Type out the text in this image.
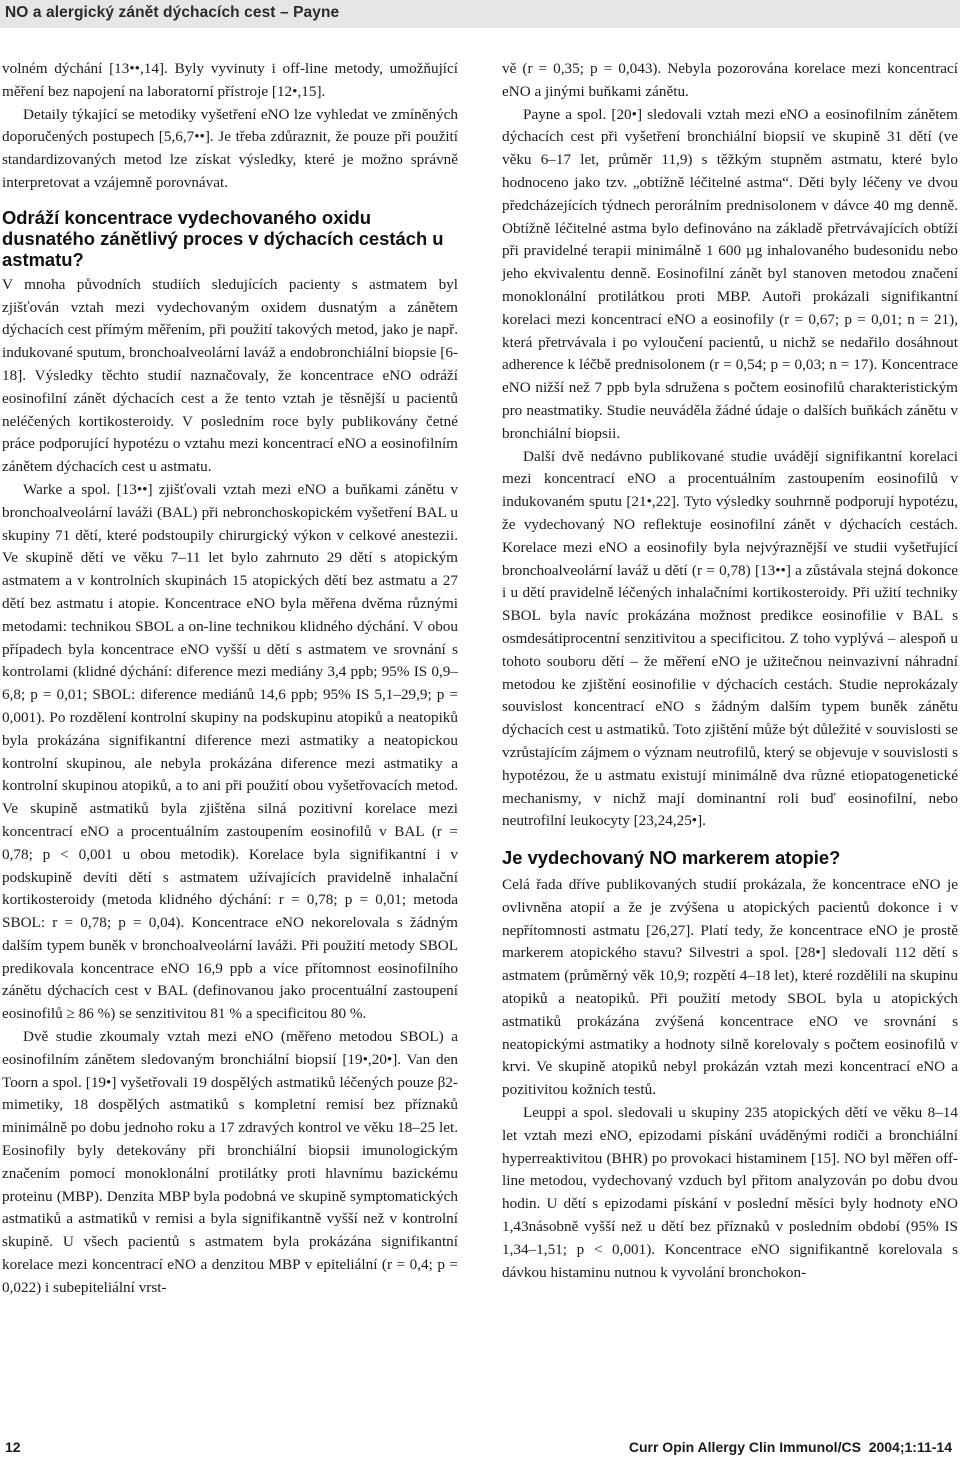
NO a alergický zánět dýchacích cest – Payne

volném dýchání [13••,14]. Byly vyvinuty i off-line metody, umožňující měření bez napojení na laboratorní přístroje [12•,15].

Detaily týkající se metodiky vyšetření eNO lze vyhledat ve zmíněných doporučených postupech [5,6,7••]. Je třeba zdůraznit, že pouze při použití standardizovaných metod lze získat výsledky, které je možno správně interpretovat a vzájemně porovnávat.

Odráží koncentrace vydechovaného oxidu dusnatého zánětlivý proces v dýchacích cestách u astmatu?

V mnoha původních studiích sledujících pacienty s astmatem byl zjišťován vztah mezi vydechovaným oxidem dusnatým a zánětem dýchacích cest přímým měřením, při použití takových metod, jako je např. indukované sputum, bronchoalveolární laváž a endobronchiální biopsie [6-18]. Výsledky těchto studií naznačovaly, že koncentrace eNO odráží eosinofilní zánět dýchacích cest a že tento vztah je těsnější u pacientů neléčených kortikosteroidy. V posledním roce byly publikovány četné práce podporující hypotézu o vztahu mezi koncentrací eNO a eosinofilním zánětem dýchacích cest u astmatu.

Warke a spol. [13••] zjišťovali vztah mezi eNO a buňkami zánětu v bronchoalveolární laváži (BAL) při nebronchoskopickém vyšetření BAL u skupiny 71 dětí, které podstoupily chirurgický výkon v celkové anestezii. Ve skupině dětí ve věku 7–11 let bylo zahrnuto 29 dětí s atopickým astmatem a v kontrolních skupinách 15 atopických dětí bez astmatu a 27 dětí bez astmatu i atopie. Koncentrace eNO byla měřena dvěma různými metodami: technikou SBOL a on-line technikou klidného dýchání. V obou případech byla koncentrace eNO vyšší u dětí s astmatem ve srovnání s kontrolami (klidné dýchání: diference mezi mediány 3,4 ppb; 95% IS 0,9–6,8; p = 0,01; SBOL: diference mediánů 14,6 ppb; 95% IS 5,1–29,9; p = 0,001). Po rozdělení kontrolní skupiny na podskupinu atopiků a neatopiků byla prokázána signifikantní diference mezi astmatiky a neatopickou kontrolní skupinou, ale nebyla prokázána diference mezi astmatiky a kontrolní skupinou atopiků, a to ani při použití obou vyšetřovacích metod. Ve skupině astmatiků byla zjištěna silná pozitivní korelace mezi koncentrací eNO a procentuálním zastoupením eosinofilů v BAL (r = 0,78; p < 0,001 u obou metodik). Korelace byla signifikantní i v podskupině devíti dětí s astmatem užívajících pravidelně inhalační kortikosteroidy (metoda klidného dýchání: r = 0,78; p = 0,01; metoda SBOL: r = 0,78; p = 0,04). Koncentrace eNO nekorelovala s žádným dalším typem buněk v bronchoalveolární laváži. Při použití metody SBOL predikovala koncentrace eNO 16,9 ppb a více přítomnost eosinofilního zánětu dýchacích cest v BAL (definovanou jako procentuální zastoupení eosinofilů ≥ 86 %) se senzitivitou 81 % a specificitou 80 %.

Dvě studie zkoumaly vztah mezi eNO (měřeno metodou SBOL) a eosinofilním zánětem sledovaným bronchiální biopsií [19•,20•]. Van den Toorn a spol. [19•] vyšetřovali 19 dospělých astmatiků léčených pouze β2-mimetiky, 18 dospělých astmatiků s kompletní remisí bez příznaků minimálně po dobu jednoho roku a 17 zdravých kontrol ve věku 18–25 let. Eosinofily byly detekovány při bronchiální biopsii imunologickým značením pomocí monoklonální protilátky proti hlavnímu bazickému proteinu (MBP). Denzita MBP byla podobná ve skupině symptomatických astmatiků a astmatiků v remisi a byla signifikantně vyšší než v kontrolní skupině. U všech pacientů s astmatem byla prokázána signifikantní korelace mezi koncentrací eNO a denzitou MBP v epiteliální (r = 0,4; p = 0,022) i subepiteliální vrst-

vě (r = 0,35; p = 0,043). Nebyla pozorována korelace mezi koncentrací eNO a jinými buňkami zánětu.

Payne a spol. [20•] sledovali vztah mezi eNO a eosinofilním zánětem dýchacích cest při vyšetření bronchiální biopsií ve skupině 31 dětí (ve věku 6–17 let, průměr 11,9) s těžkým stupněm astmatu, které bylo hodnoceno jako tzv. „obtížně léčitelné astma“. Děti byly léčeny ve dvou předcházejících týdnech perorálním prednisolonem v dávce 40 mg denně. Obtížně léčitelné astma bylo definováno na základě přetrvávajících obtíží při pravidelné terapii minimálně 1 600 µg inhalovaného budesonidu nebo jeho ekvivalentu denně. Eosinofilní zánět byl stanoven metodou značení monoklonální protilátkou proti MBP. Autoři prokázali signifikantní korelaci mezi koncentrací eNO a eosinofily (r = 0,67; p = 0,01; n = 21), která přetrvávala i po vyloučení pacientů, u nichž se nedařilo dosáhnout adherence k léčbě prednisolonem (r = 0,54; p = 0,03; n = 17). Koncentrace eNO nižší než 7 ppb byla sdružena s počtem eosinofilů charakteristickým pro neastmatiky. Studie neuváděla žádné údaje o dalších buňkách zánětu v bronchiální biopsii.

Další dvě nedávno publikované studie uvádějí signifikantní korelaci mezi koncentrací eNO a procentuálním zastoupením eosinofilů v indukovaném sputu [21•,22]. Tyto výsledky souhrnně podporují hypotézu, že vydechovaný NO reflektuje eosinofilní zánět v dýchacích cestách. Korelace mezi eNO a eosinofily byla nejvýraznější ve studii vyšetřující bronchoalveolární laváž u dětí (r = 0,78) [13••] a zůstávala stejná dokonce i u dětí pravidelně léčených inhalačními kortikosteroidy. Při užití techniky SBOL byla navíc prokázána možnost predikce eosinofilie v BAL s osmdesátiprocentní senzitivitou a specificitou. Z toho vyplývá – alespoň u tohoto souboru dětí – že měření eNO je užitečnou neinvazivní náhradní metodou ke zjištění eosinofilie v dýchacích cestách. Studie neprokázaly souvislost koncentrací eNO s žádným dalším typem buněk zánětu dýchacích cest u astmatiků. Toto zjištění může být důležité v souvislosti se vzrůstajícím zájmem o význam neutrofilů, který se objevuje v souvislosti s hypotézou, že u astmatu existují minimálně dva různé etiopatogenetické mechanismy, v nichž mají dominantní roli buď eosinofilní, nebo neutrofilní leukocyty [23,24,25•].

Je vydechovaný NO markerem atopie?

Celá řada dříve publikovaných studií prokázala, že koncentrace eNO je ovlivněna atopií a že je zvýšena u atopických pacientů dokonce i v nepřítomnosti astmatu [26,27]. Platí tedy, že koncentrace eNO je prostě markerem atopického stavu? Silvestri a spol. [28•] sledovali 112 dětí s astmatem (průměrný věk 10,9; rozpětí 4–18 let), které rozdělili na skupinu atopiků a neatopiků. Při použití metody SBOL byla u atopických astmatiků prokázána zvýšená koncentrace eNO ve srovnání s neatopickými astmatiky a hodnoty silně korelovaly s počtem eosinofilů v krvi. Ve skupině atopiků nebyl prokázán vztah mezi koncentrací eNO a pozitivitou kožních testů.

Leuppi a spol. sledovali u skupiny 235 atopických dětí ve věku 8–14 let vztah mezi eNO, epizodami pískání uváděnými rodiči a bronchiální hyperreaktivitou (BHR) po provokaci histaminem [15]. NO byl měřen off-line metodou, vydechovaný vzduch byl přitom analyzován po dobu dvou hodin. U dětí s epizodami pískání v poslední měsíci byly hodnoty eNO 1,43násobně vyšší než u dětí bez příznaků v posledním období (95% IS 1,34–1,51; p < 0,001). Koncentrace eNO signifikantně korelovala s dávkou histaminu nutnou k vyvolání bronchokon-

12	Curr Opin Allergy Clin Immunol/CS 2004;1:11-14
